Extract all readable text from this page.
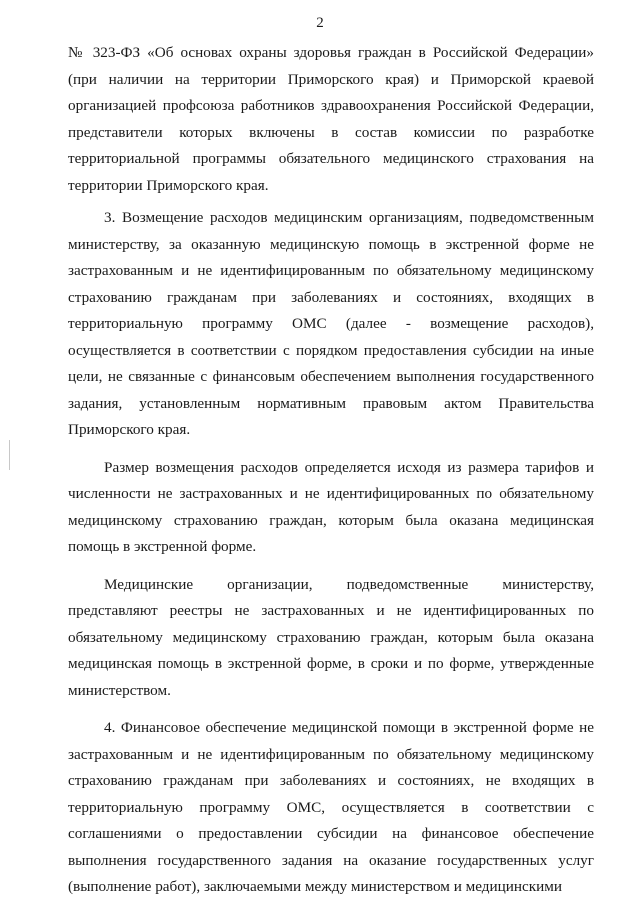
2

№ 323-ФЗ «Об основах охраны здоровья граждан в Российской Федерации» (при наличии на территории Приморского края) и Приморской краевой организацией профсоюза работников здравоохранения Российской Федерации, представители которых включены в состав комиссии по разработке территориальной программы обязательного медицинского страхования на территории Приморского края.

3. Возмещение расходов медицинским организациям, подведомственным министерству, за оказанную медицинскую помощь в экстренной форме не застрахованным и не идентифицированным по обязательному медицинскому страхованию гражданам при заболеваниях и состояниях, входящих в территориальную программу ОМС (далее - возмещение расходов), осуществляется в соответствии с порядком предоставления субсидии на иные цели, не связанные с финансовым обеспечением выполнения государственного задания, установленным нормативным правовым актом Правительства Приморского края.

Размер возмещения расходов определяется исходя из размера тарифов и численности не застрахованных и не идентифицированных по обязательному медицинскому страхованию граждан, которым была оказана медицинская помощь в экстренной форме.

Медицинские организации, подведомственные министерству, представляют реестры не застрахованных и не идентифицированных по обязательному медицинскому страхованию граждан, которым была оказана медицинская помощь в экстренной форме, в сроки и по форме, утвержденные министерством.

4. Финансовое обеспечение медицинской помощи в экстренной форме не застрахованным и не идентифицированным по обязательному медицинскому страхованию гражданам при заболеваниях и состояниях, не входящих в территориальную программу ОМС, осуществляется в соответствии с соглашениями о предоставлении субсидии на финансовое обеспечение выполнения государственного задания на оказание государственных услуг (выполнение работ), заключаемыми между министерством и медицинскими
